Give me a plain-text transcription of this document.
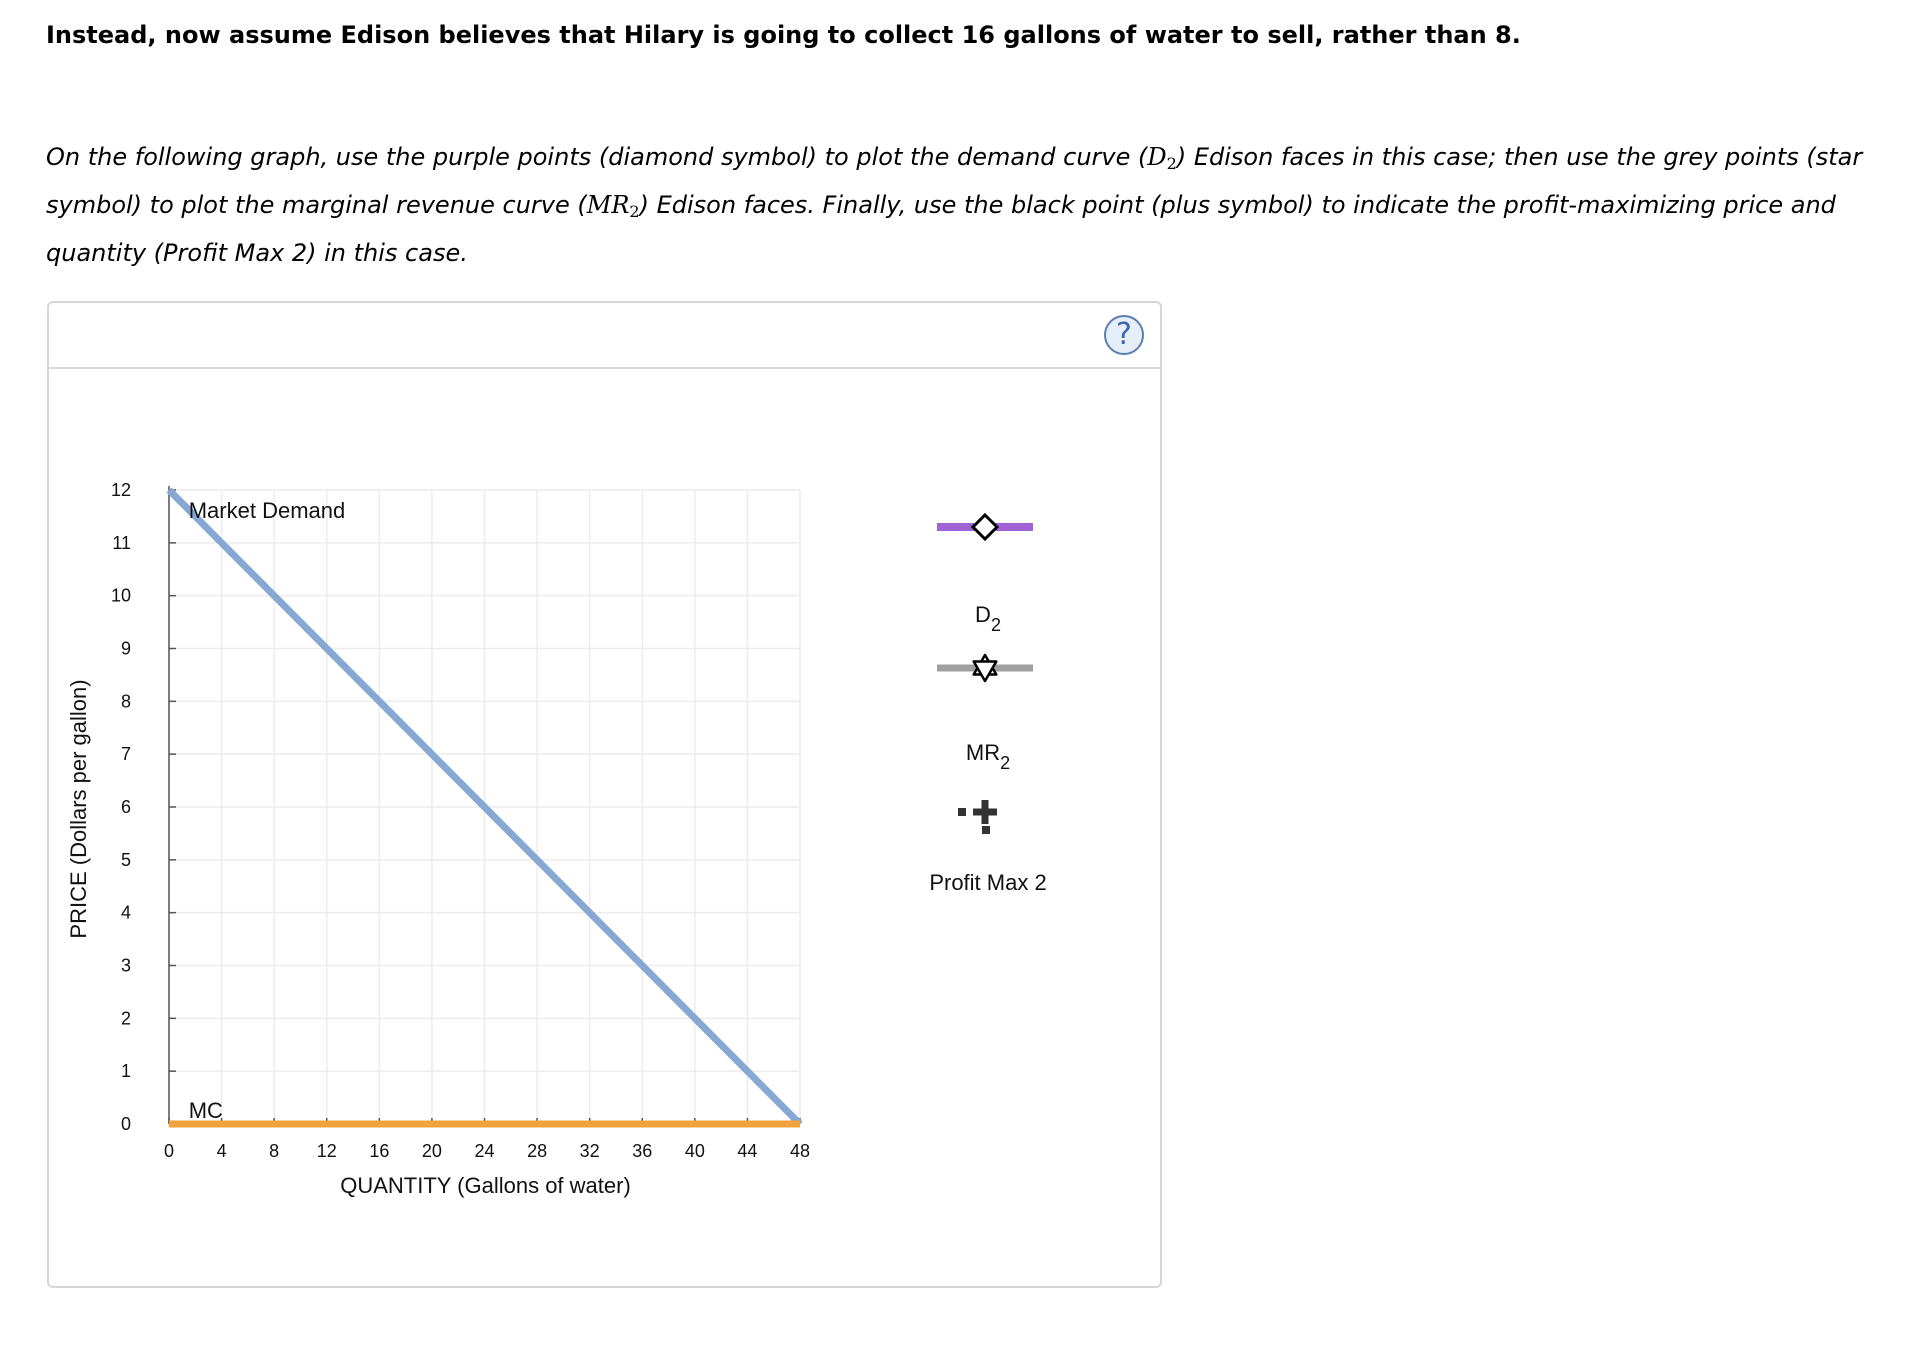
Instead, now assume Edison believes that Hilary is going to collect 16 gallons of water to sell, rather than 8.
On the following graph, use the purple points (diamond symbol) to plot the demand curve $(D_2)$ Edison faces in this case; then use the grey points (star symbol) to plot the marginal revenue curve $(MR_2)$ Edison faces. Finally, use the black point (plus symbol) to indicate the profit-maximizing price and quantity (Profit Max 2) in this case.
?
0
1
2
3
4
5
6
7
8
9
10
11
12
0 4 8 12 16 20 24 28 32 36 40 44 48
QUANTITY (Gallons of water)
PRICE (Dollars per gallon)
Market Demand
MC
$D_2$
$MR_2$
Profit Max 2
